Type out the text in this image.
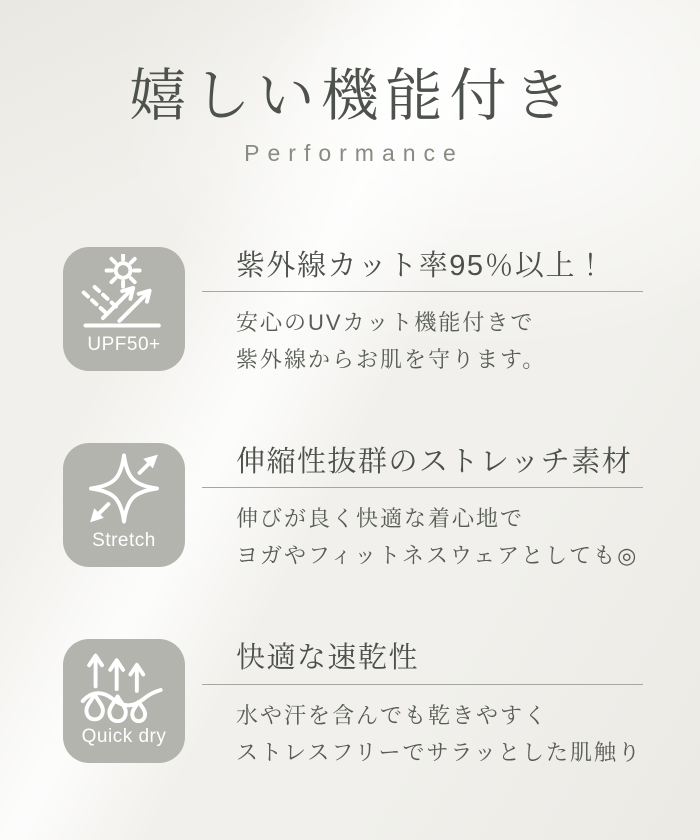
嬉しい機能付き
Performance
UPF50+
紫外線カット率95％以上！

安心のUVカット機能付きで

紫外線からお肌を守ります。

Stretch
伸縮性抜群のストレッチ素材

伸びが良く快適な着心地で

ヨガやフィットネスウェアとしても◎

Quick dry
快適な速乾性

水や汗を含んでも乾きやすく

ストレスフリーでサラッとした肌触り
